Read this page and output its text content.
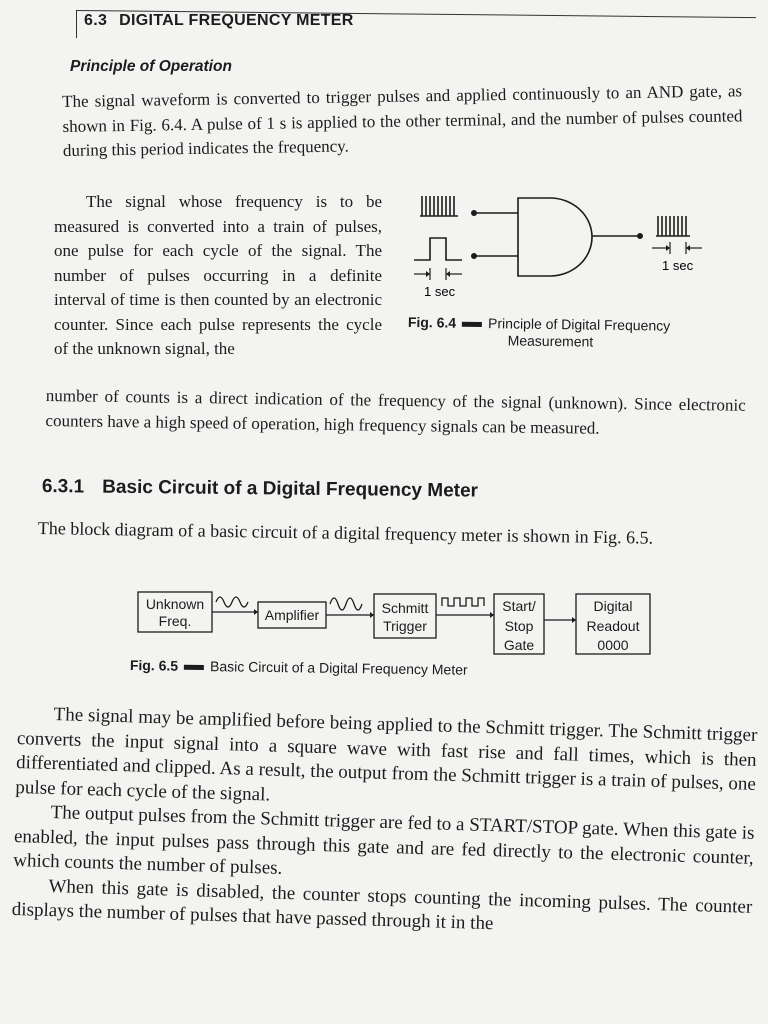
6.3 DIGITAL FREQUENCY METER
Principle of Operation
The signal waveform is converted to trigger pulses and applied continuously to an AND gate, as shown in Fig. 6.4. A pulse of 1 s is applied to the other terminal, and the number of pulses counted during this period indicates the frequency.
The signal whose frequency is to be measured is converted into a train of pulses, one pulse for each cycle of the signal. The number of pulses occurring in a definite interval of time is then counted by an electronic counter. Since each pulse represents the cycle of the unknown signal, the
1 sec
1 sec
Fig. 6.4 Principle of Digital Frequency
Measurement
number of counts is a direct indication of the frequency of the signal (unknown). Since electronic counters have a high speed of operation, high frequency signals can be measured.
6.3.1 Basic Circuit of a Digital Frequency Meter
The block diagram of a basic circuit of a digital frequency meter is shown in Fig. 6.5.
Unknown
Freq.	Amplifier	Schmitt
Trigger
Start/
Stop
Gate
Digital
Readout
0000
Fig. 6.5 Basic Circuit of a Digital Frequency Meter

The signal may be amplified before being applied to the Schmitt trigger. The Schmitt trigger converts the input signal into a square wave with fast rise and fall times, which is then differentiated and clipped. As a result, the output from the Schmitt trigger is a train of pulses, one pulse for each cycle of the signal.

The output pulses from the Schmitt trigger are fed to a START/STOP gate. When this gate is enabled, the input pulses pass through this gate and are fed directly to the electronic counter, which counts the number of pulses.

When this gate is disabled, the counter stops counting the incoming pulses. The counter displays the number of pulses that have passed through it in the
